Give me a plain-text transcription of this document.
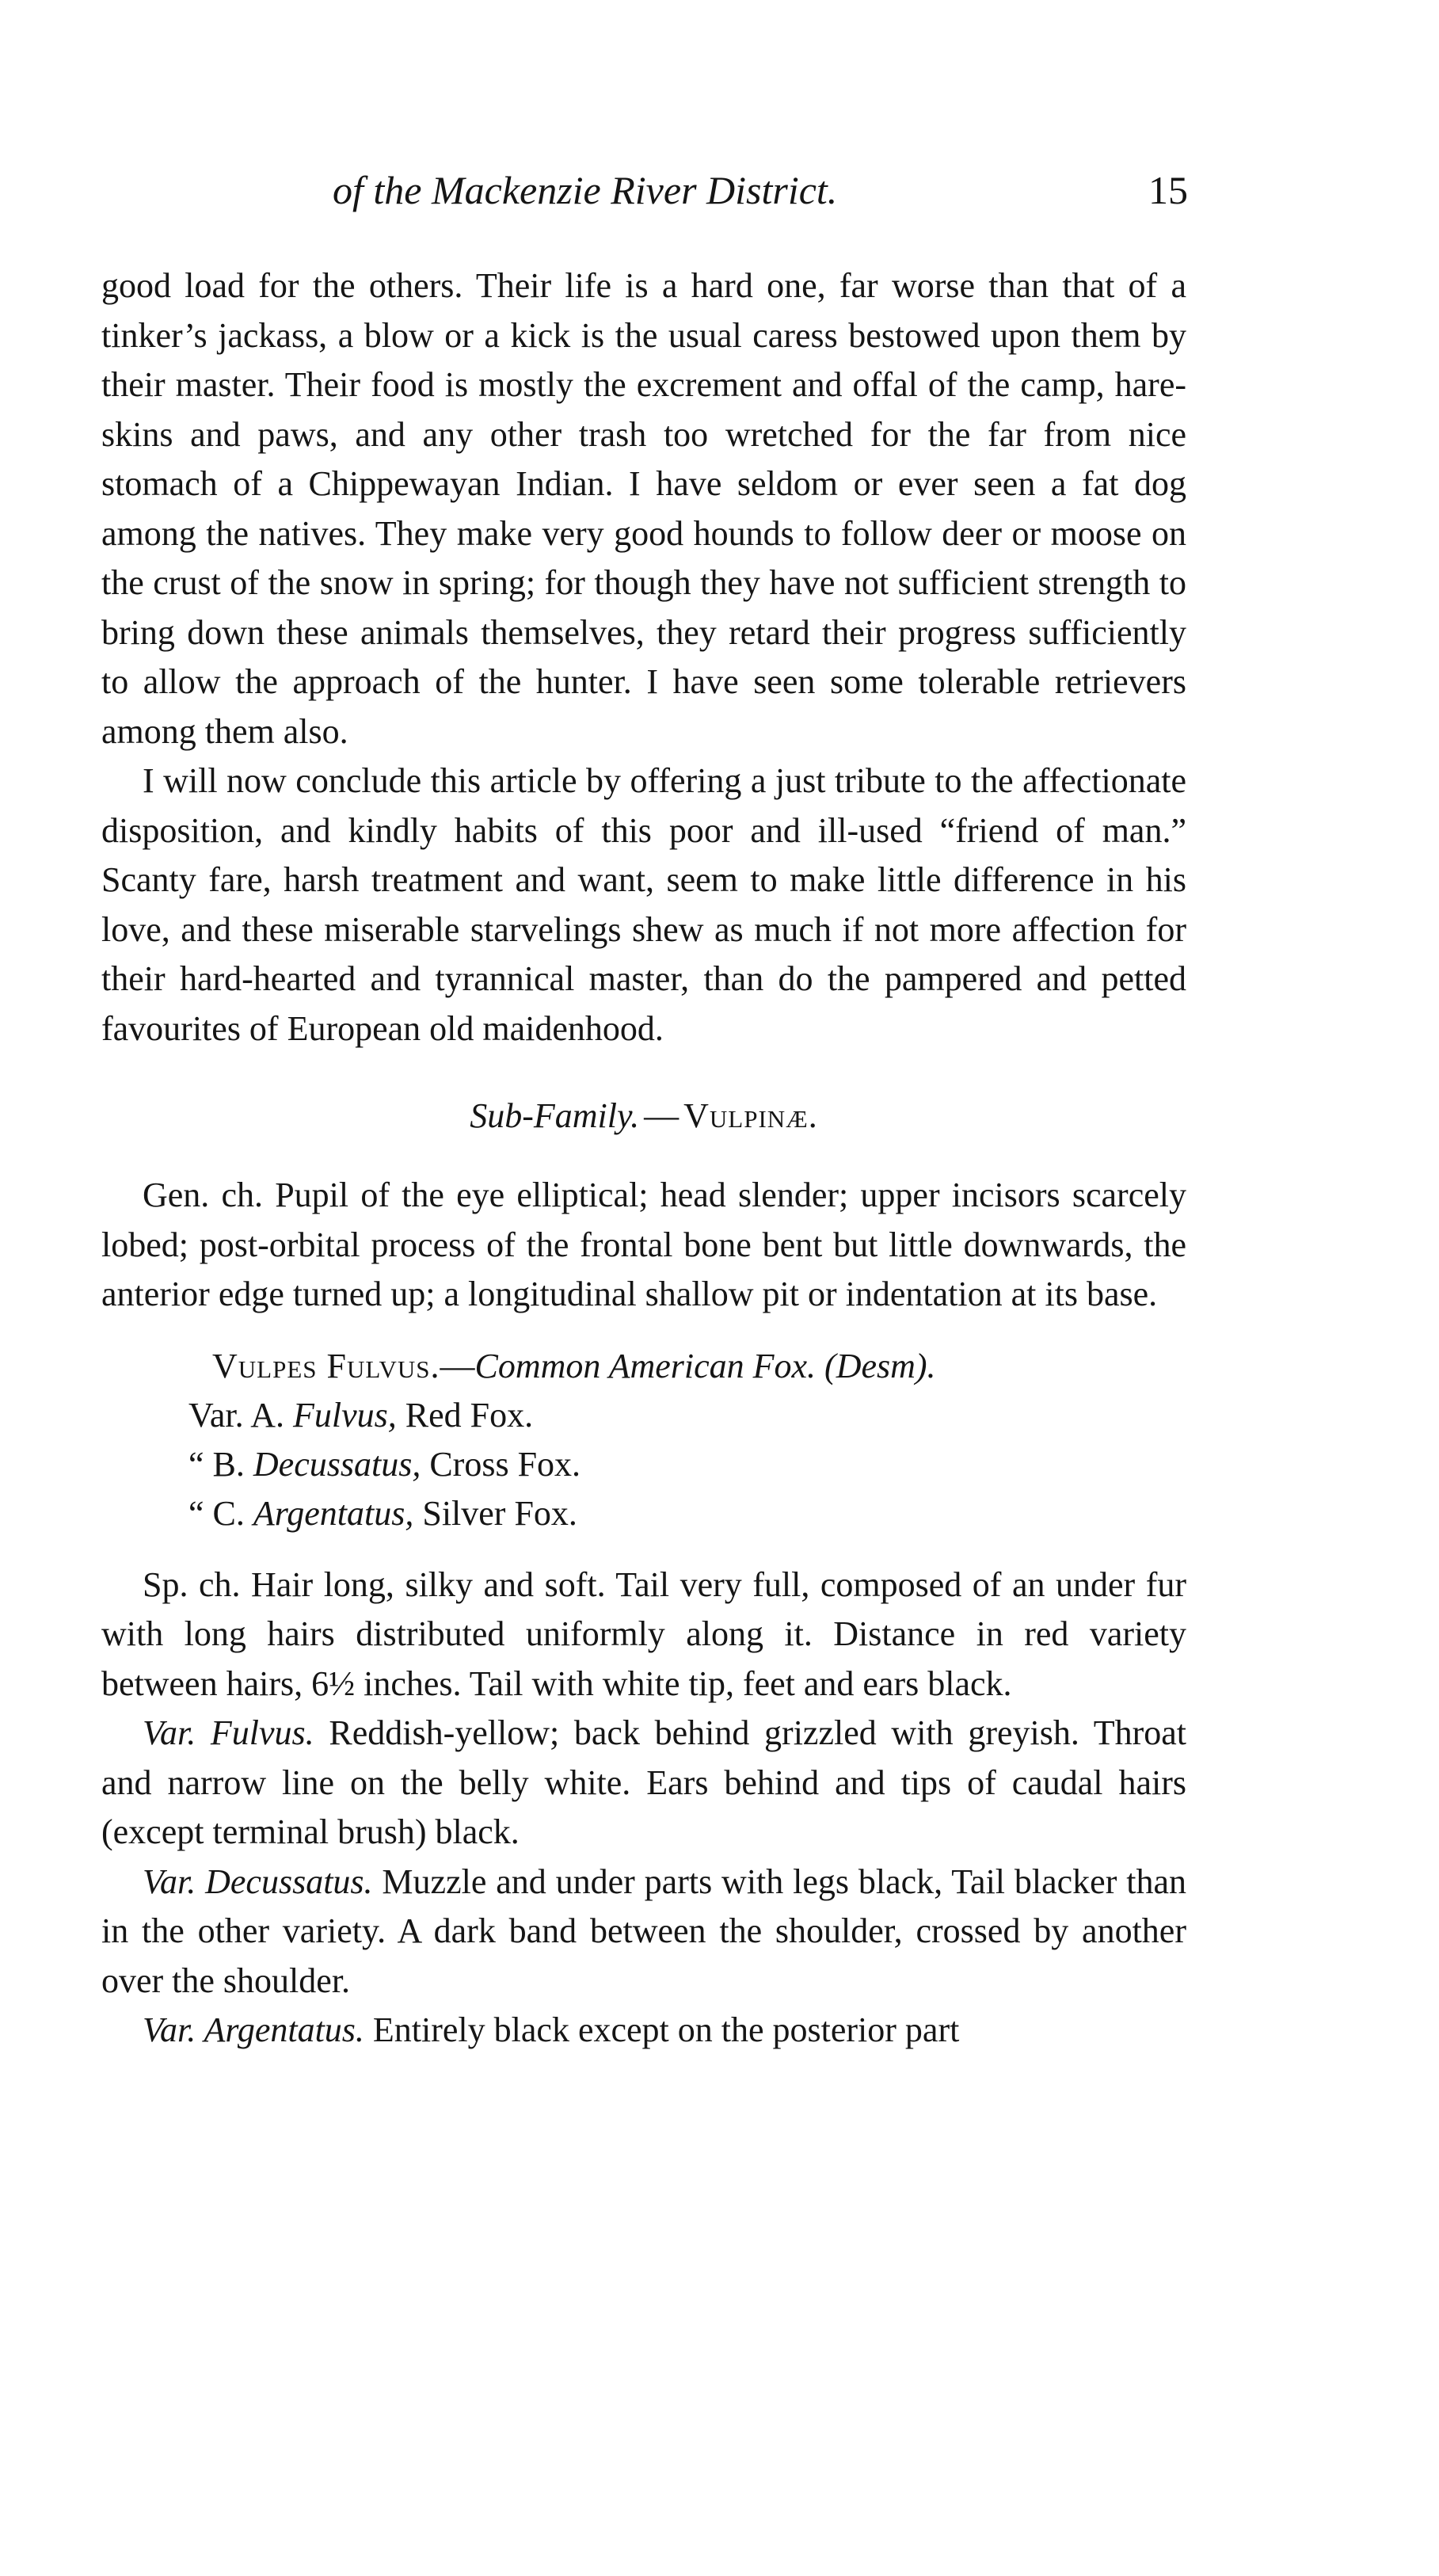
of the Mackenzie River District.	15

good load for the others. Their life is a hard one, far worse than that of a tinker’s jackass, a blow or a kick is the usual caress bestowed upon them by their master. Their food is mostly the excrement and offal of the camp, hare-skins and paws, and any other trash too wretched for the far from nice stomach of a Chippewayan Indian. I have seldom or ever seen a fat dog among the natives. They make very good hounds to follow deer or moose on the crust of the snow in spring; for though they have not sufficient strength to bring down these animals themselves, they retard their progress sufficiently to allow the approach of the hunter. I have seen some tolerable retrievers among them also.

I will now conclude this article by offering a just tribute to the affectionate disposition, and kindly habits of this poor and ill-used “friend of man.” Scanty fare, harsh treatment and want, seem to make little difference in his love, and these miserable starvelings shew as much if not more affection for their hard-hearted and tyrannical master, than do the pampered and petted favourites of European old maidenhood.

Sub-Family. — Vulpinæ.

Gen. ch. Pupil of the eye elliptical; head slender; upper incisors scarcely lobed; post-orbital process of the frontal bone bent but little downwards, the anterior edge turned up; a longitudinal shallow pit or indentation at its base.

Vulpes Fulvus.—Common American Fox. (Desm).
Var. A. Fulvus, Red Fox.
“ B. Decussatus, Cross Fox.
“ C. Argentatus, Silver Fox.

Sp. ch. Hair long, silky and soft. Tail very full, composed of an under fur with long hairs distributed uniformly along it. Distance in red variety between hairs, 6½ inches. Tail with white tip, feet and ears black.

Var. Fulvus. Reddish-yellow; back behind grizzled with greyish. Throat and narrow line on the belly white. Ears behind and tips of caudal hairs (except terminal brush) black.

Var. Decussatus. Muzzle and under parts with legs black, Tail blacker than in the other variety. A dark band between the shoulder, crossed by another over the shoulder.

Var. Argentatus. Entirely black except on the posterior part
